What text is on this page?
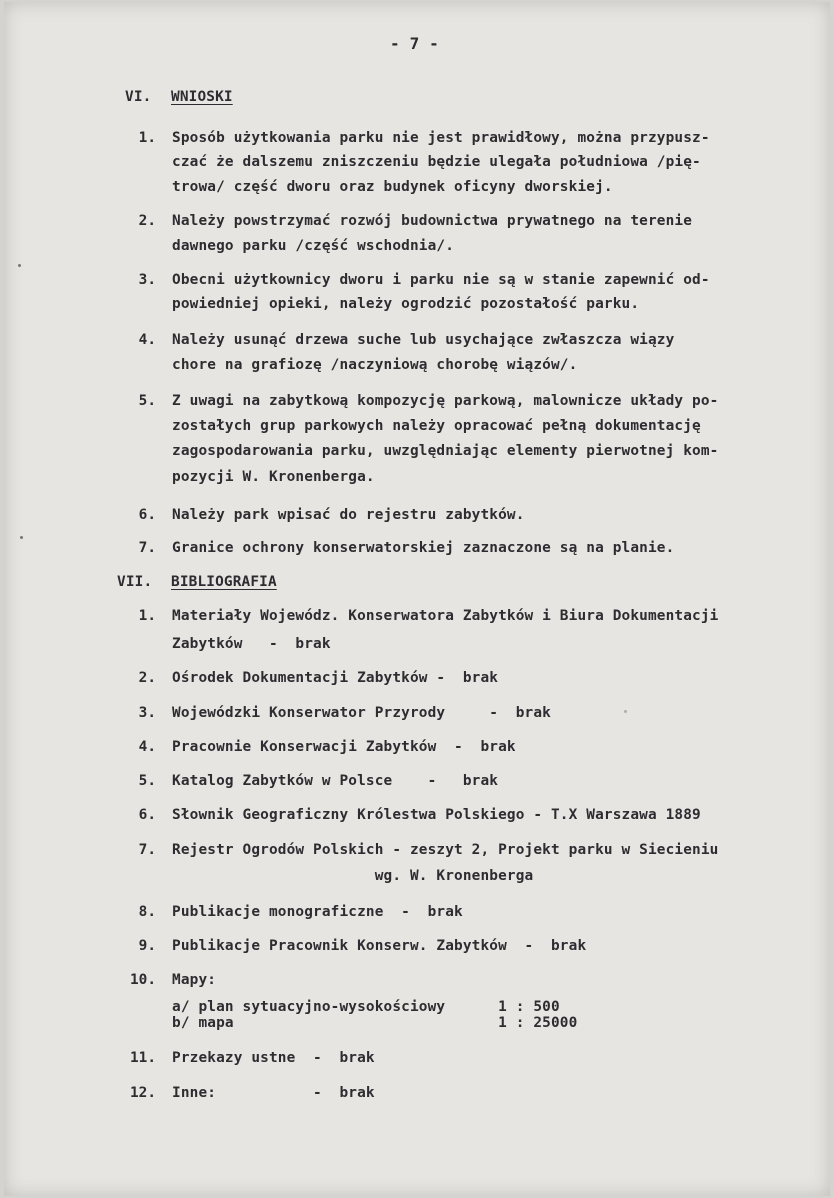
- 7 -
VI. WNIOSKI
1. Sposób użytkowania parku nie jest prawidłowy, można przypusz-
czać że dalszemu zniszczeniu będzie ulegała południowa /pię-
trowa/ część dworu oraz budynek oficyny dworskiej.
2. Należy powstrzymać rozwój budownictwa prywatnego na terenie
dawnego parku /część wschodnia/.
3. Obecni użytkownicy dworu i parku nie są w stanie zapewnić od-
powiedniej opieki, należy ogrodzić pozostałość parku.
4. Należy usunąć drzewa suche lub usychające zwłaszcza wiązy
chore na grafiozę /naczyniową chorobę wiązów/.
5. Z uwagi na zabytkową kompozycję parkową, malownicze układy po-
zostałych grup parkowych należy opracować pełną dokumentację
zagospodarowania parku, uwzględniając elementy pierwotnej kom-
pozycji W. Kronenberga.
6. Należy park wpisać do rejestru zabytków.
7. Granice ochrony konserwatorskiej zaznaczone są na planie.
VII. BIBLIOGRAFIA
1. Materiały Wojewódz. Konserwatora Zabytków i Biura Dokumentacji
Zabytków   -  brak
2. Ośrodek Dokumentacji Zabytków -  brak
3. Wojewódzki Konserwator Przyrody     -  brak
4. Pracownie Konserwacji Zabytków  -  brak
5. Katalog Zabytków w Polsce    -   brak
6. Słownik Geograficzny Królestwa Polskiego - T.X Warszawa 1889
7. Rejestr Ogrodów Polskich - zeszyt 2, Projekt parku w Siecieniu
wg. W. Kronenberga
8. Publikacje monograficzne  -  brak
9. Publikacje Pracownik Konserw. Zabytków  -  brak
10. Mapy:
a/ plan sytuacyjno-wysokościowy      1 : 500
b/ mapa                              1 : 25000
11. Przekazy ustne  -  brak
12. Inne:           -  brak
